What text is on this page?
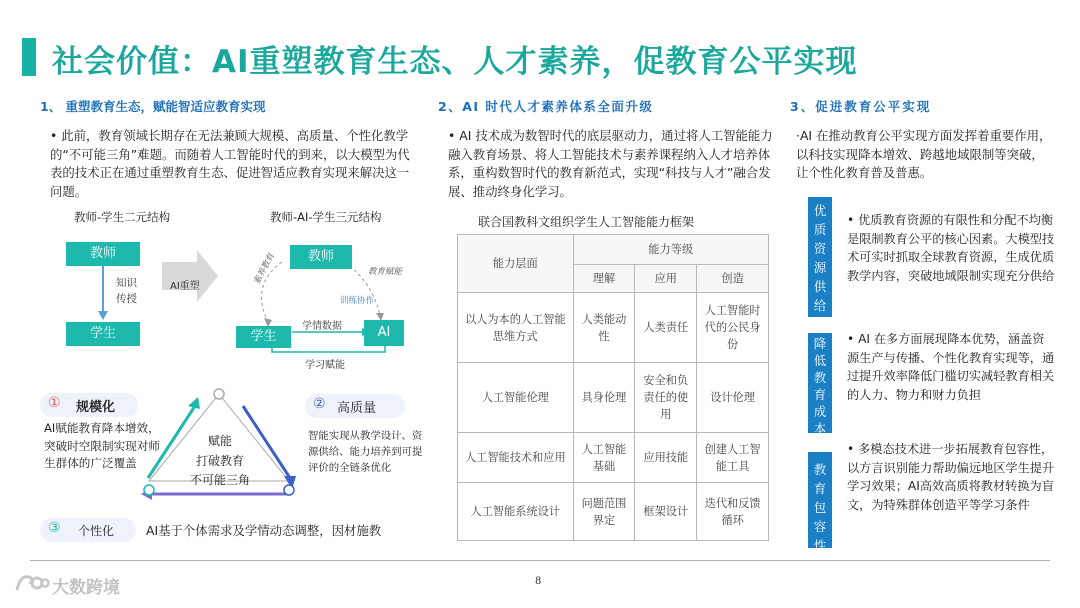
社会价值：AI重塑教育生态、人才素养，促教育公平实现
1、 重塑教育生态，赋能智适应教育实现
• 此前，教育领域长期存在无法兼顾大规模、高质量、个性化教学的“不可能三角”难题。而随着人工智能时代的到来，以大模型为代表的技术正在通过重塑教育生态、促进智适应教育实现来解决这一问题。
教师-学生二元结构	教师-AI-学生三元结构
教师
知识
传授
学生
AI重塑
教师
素养教育	教育赋能
训练协作
学生	AI
学情数据
学习赋能
① 规模化
AI赋能教育降本增效，突破时空限制实现对师生群体的广泛覆盖
② 高质量
智能实现从教学设计、资源供给、能力培养到可提评价的全链条优化
赋能
打破教育
不可能三角
③ 个性化	AI基于个体需求及学情动态调整，因材施教
2、AI 时代人才素养体系全面升级
• AI 技术成为数智时代的底层驱动力，通过将人工智能能力融入教育场景、将人工智能技术与素养课程纳入人才培养体系，重构数智时代的教育新范式，实现“科技与人才”融合发展、推动终身化学习。
联合国教科文组织学生人工智能能力框架
能力层面	能力等级		
	理解	应用	创造
以人为本的人工智能思维方式	人类能动性	人类责任	人工智能时代的公民身份
人工智能伦理	具身伦理	安全和负责任的使用	设计伦理
人工智能技术和应用	人工智能基础	应用技能	创建人工智能工具
人工智能系统设计	问题范围界定	框架设计	迭代和反馈循环
3、促进教育公平实现
·AI 在推动教育公平实现方面发挥着重要作用，以科技实现降本增效、跨越地域限制等突破，让个性化教育普及普惠。
优质资源供给
• 优质教育资源的有限性和分配不均衡是限制教育公平的核心因素。大模型技术可实时抓取全球教育资源，生成优质教学内容，突破地域限制实现充分供给
降低教育成本
• AI 在多方面展现降本优势，涵盖资源生产与传播、个性化教育实现等，通过提升效率降低门槛切实减轻教育相关的人力、物力和财力负担
教育包容性
• 多模态技术进一步拓展教育包容性，以方言识别能力帮助偏远地区学生提升学习效果；AI高效高质将教材转换为盲文，为特殊群体创造平等学习条件
大数跨境	8
